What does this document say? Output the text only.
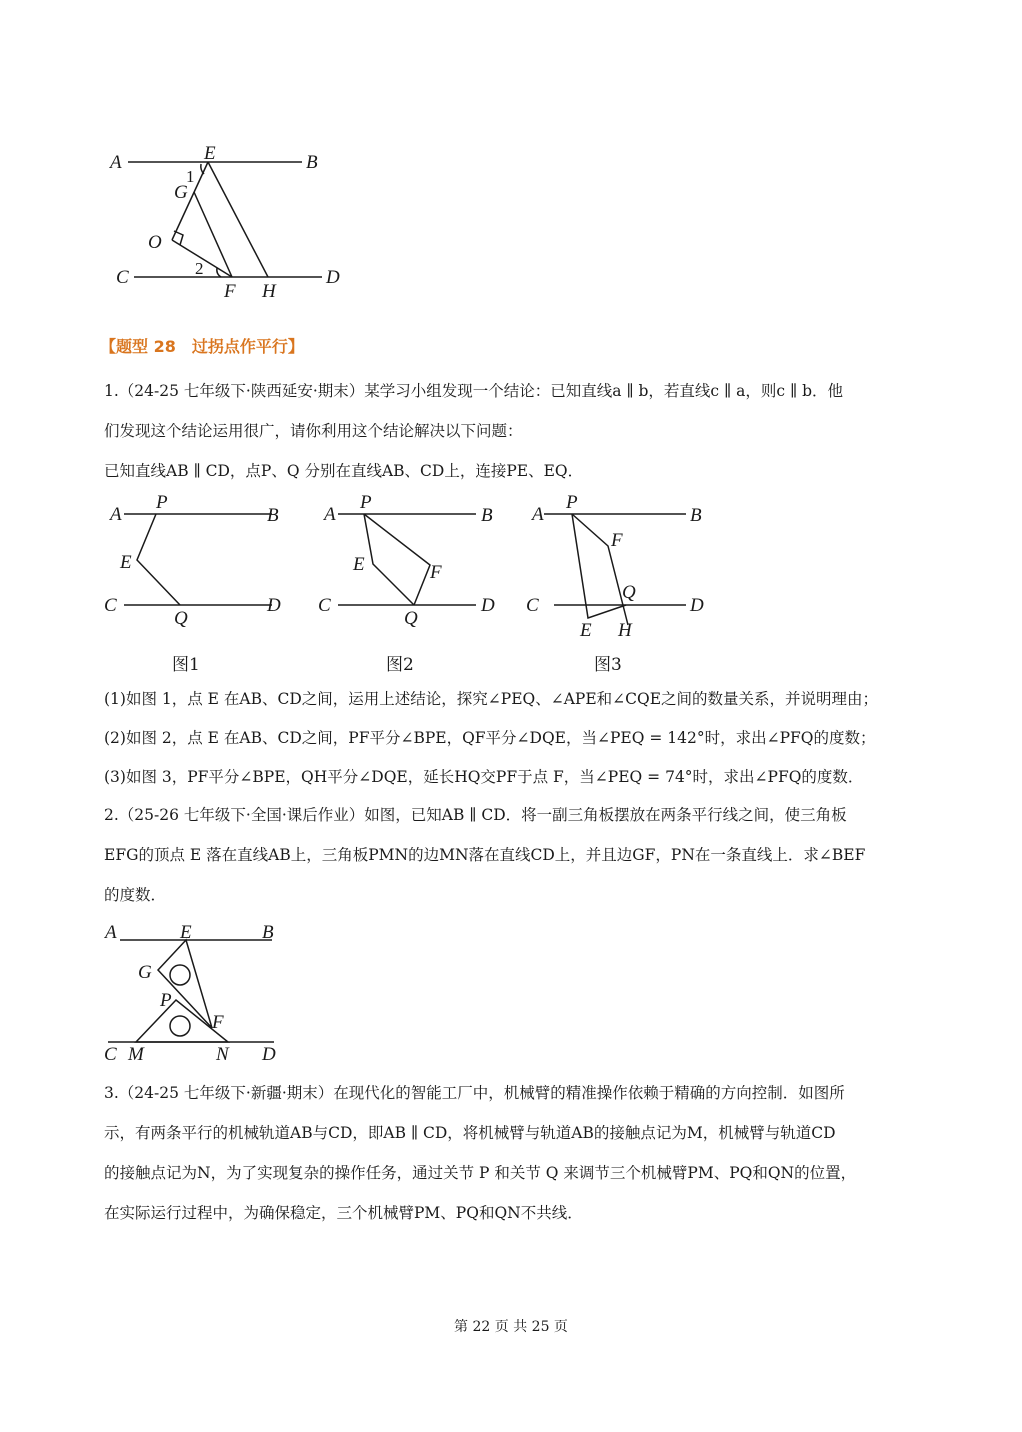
A	E	B
1
G
O
2
C
F H
D
【题型 28　过拐点作平行】

1.（24-25 七年级下·陕西延安·期末）某学习小组发现一个结论：已知直线a ∥ b，若直线c ∥ a，则c ∥ b．他

们发现这个结论运用很广，请你利用这个结论解决以下问题：

已知直线AB ∥ CD，点P、Q 分别在直线AB、CD上，连接PE、EQ．

A
P
B
E
C
Q
D
图1
A
P
B
E	F
C
Q
D
图2
A
P
B
F
C
Q
D
E H
图3

(1)如图 1，点 E 在AB、CD之间，运用上述结论，探究∠PEQ、∠APE和∠CQE之间的数量关系，并说明理由；

(2)如图 2，点 E 在AB、CD之间，PF平分∠BPE，QF平分∠DQE，当∠PEQ = 142°时，求出∠PFQ的度数；

(3)如图 3，PF平分∠BPE，QH平分∠DQE，延长HQ交PF于点 F，当∠PEQ = 74°时，求出∠PFQ的度数．

2.（25-26 七年级下·全国·课后作业）如图，已知AB ∥ CD．将一副三角板摆放在两条平行线之间，使三角板

EFG的顶点 E 落在直线AB上，三角板PMN的边MN落在直线CD上，并且边GF，PN在一条直线上．求∠BEF

的度数．

A	E	B
G
P
F
C M	N D

3.（24-25 七年级下·新疆·期末）在现代化的智能工厂中，机械臂的精准操作依赖于精确的方向控制．如图所

示，有两条平行的机械轨道AB与CD，即AB ∥ CD，将机械臂与轨道AB的接触点记为M，机械臂与轨道CD

的接触点记为N，为了实现复杂的操作任务，通过关节 P 和关节 Q 来调节三个机械臂PM、PQ和QN的位置，

在实际运行过程中，为确保稳定，三个机械臂PM、PQ和QN不共线．

第 22 页 共 25 页
